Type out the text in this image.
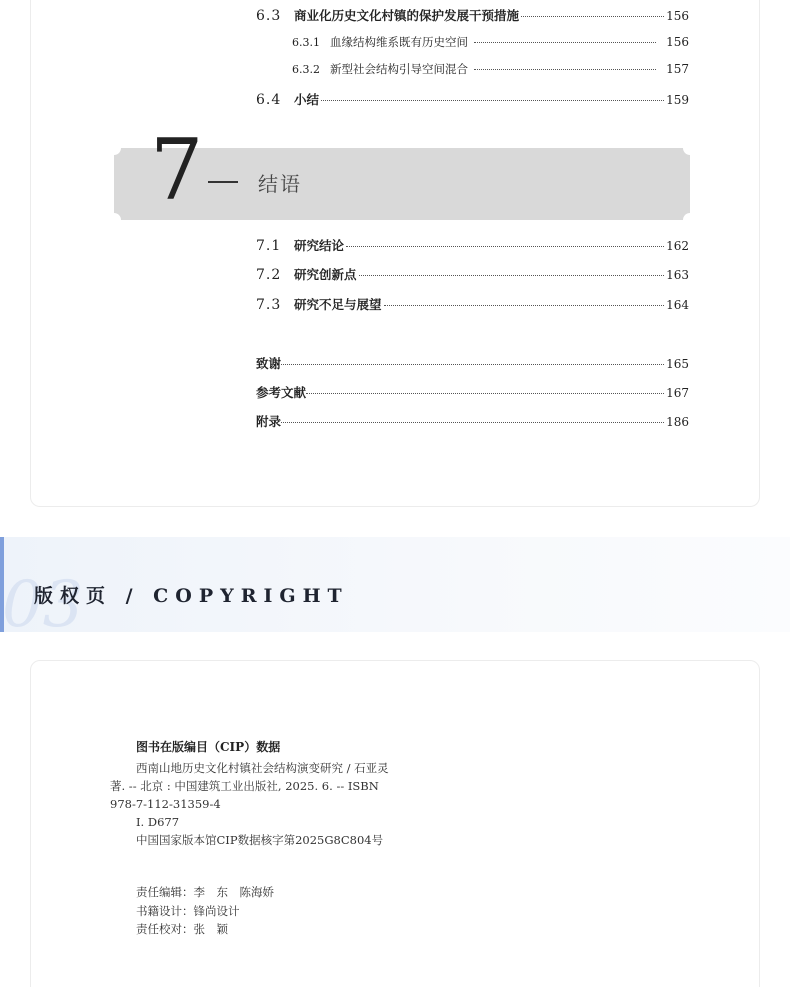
6.3	商业化历史文化村镇的保护发展干预措施	156
6.3.1 血缘结构维系既有历史空间	156
6.3.2 新型社会结构引导空间混合	157
6.4	小结	159
7	结语
7.1	研究结论	162
7.2	研究创新点	163
7.3	研究不足与展望	164
致谢	165
参考文献	167
附录	186
03
版权页 / COPYRIGHT
图书在版编目（CIP）数据
西南山地历史文化村镇社会结构演变研究 / 石亚灵
著. -- 北京 : 中国建筑工业出版社, 2025. 6. -- ISBN
978-7-112-31359-4
Ⅰ. D677
中国国家版本馆CIP数据核字第2025G8C804号
责任编辑：李　东　陈海娇
书籍设计：锋尚设计
责任校对：张　颖
